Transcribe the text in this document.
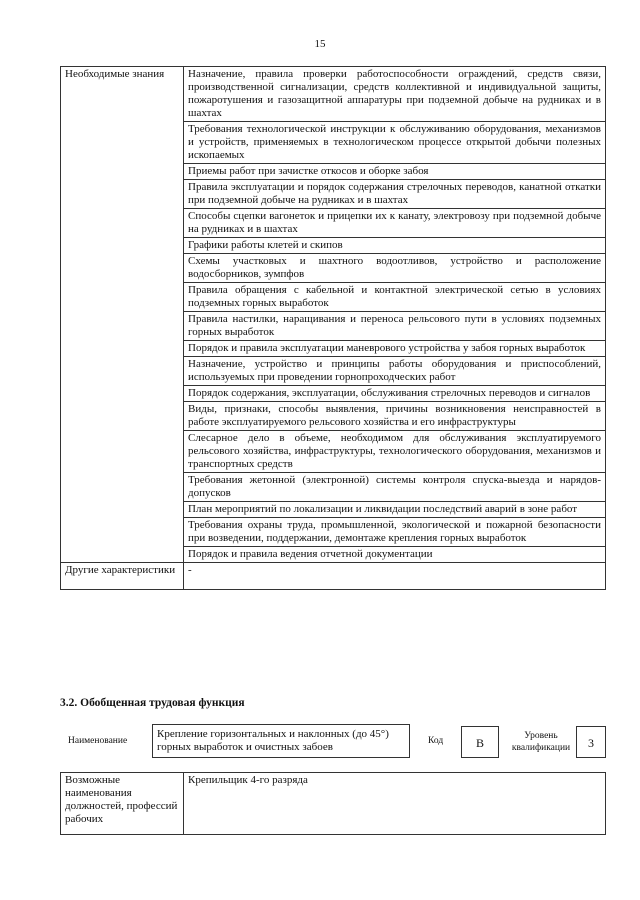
15
Необходимые знания	Назначение, правила проверки работоспособности ограждений, средств связи, производственной сигнализации, средств коллективной и индивидуальной защиты, пожаротушения и газозащитной аппаратуры при подземной добыче на рудниках и в шахтах
	Требования технологической инструкции к обслуживанию оборудования, механизмов и устройств, применяемых в технологическом процессе открытой добычи полезных ископаемых
	Приемы работ при зачистке откосов и оборке забоя
	Правила эксплуатации и порядок содержания стрелочных переводов, канатной откатки при подземной добыче на рудниках и в шахтах
	Способы сцепки вагонеток и прицепки их к канату, электровозу при подземной добыче на рудниках и в шахтах
	Графики работы клетей и скипов
	Схемы участковых и шахтного водоотливов, устройство и расположение водосборников, зумпфов
	Правила обращения с кабельной и контактной электрической сетью в условиях подземных горных выработок
	Правила настилки, наращивания и переноса рельсового пути в условиях подземных горных выработок
	Порядок и правила эксплуатации маневрового устройства у забоя горных выработок
	Назначение, устройство и принципы работы оборудования и приспособлений, используемых при проведении горнопроходческих работ
	Порядок содержания, эксплуатации, обслуживания стрелочных переводов и сигналов
	Виды, признаки, способы выявления, причины возникновения неисправностей в работе эксплуатируемого рельсового хозяйства и его инфраструктуры
	Слесарное дело в объеме, необходимом для обслуживания эксплуатируемого рельсового хозяйства, инфраструктуры, технологического оборудования, механизмов и транспортных средств
	Требования жетонной (электронной) системы контроля спуска-выезда и нарядов-допусков
	План мероприятий по локализации и ликвидации последствий аварий в зоне работ
	Требования охраны труда, промышленной, экологической и пожарной безопасности при возведении, поддержании, демонтаже крепления горных выработок
	Порядок и правила ведения отчетной документации
Другие характеристики	-
3.2. Обобщенная трудовая функция
Наименование
Крепление горизонтальных и наклонных (до 45°) горных выработок и очистных забоев	Код	В	Уровень квалификации	3
Возможные наименования должностей, профессий рабочих	Крепильщик 4-го разряда
